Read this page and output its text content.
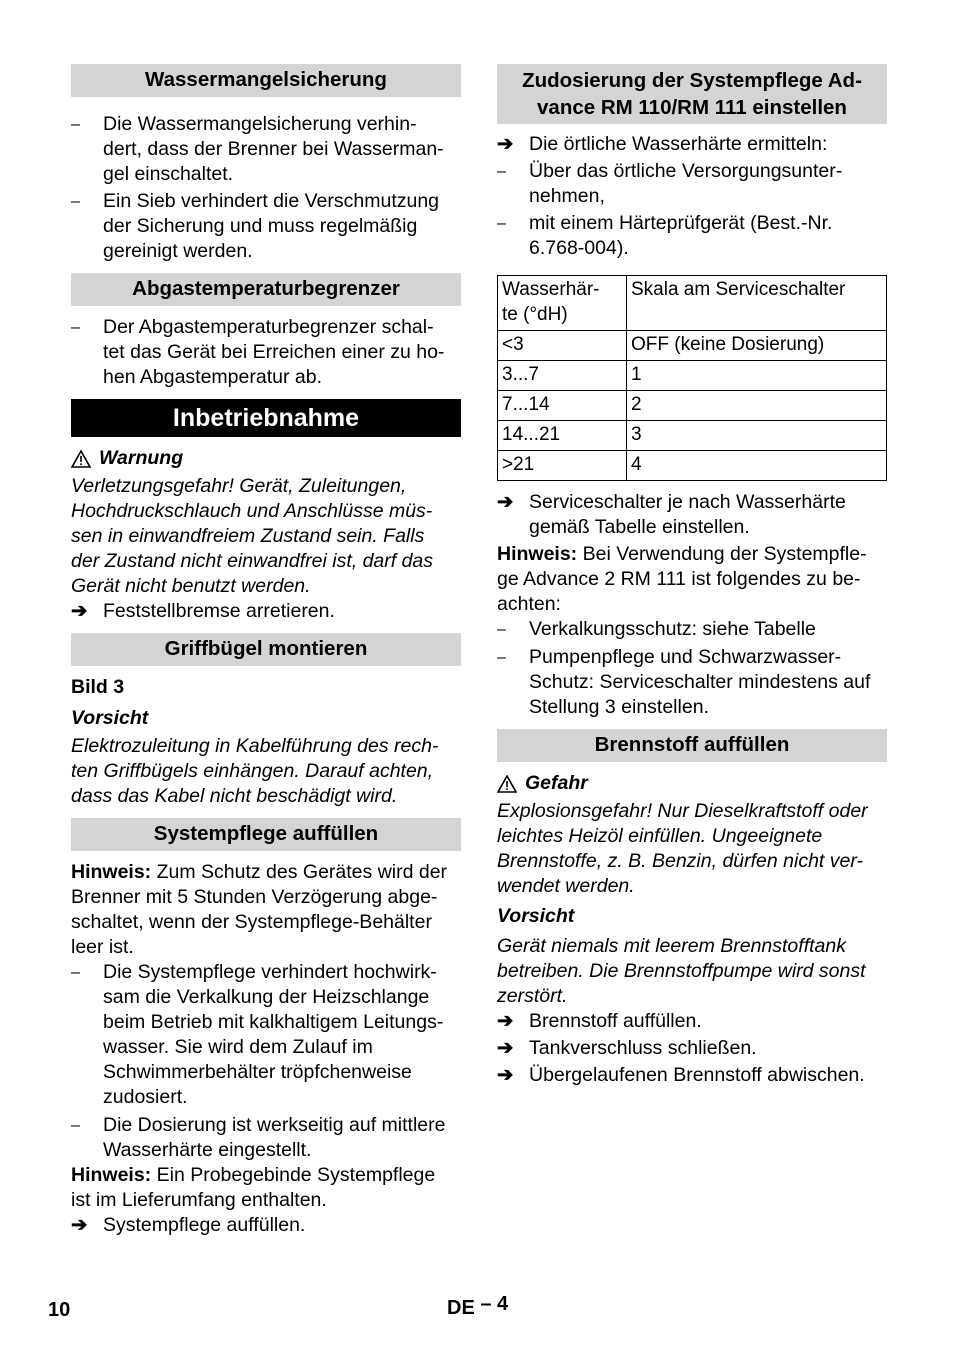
Wassermangelsicherung
– Die Wassermangelsicherung verhin-
dert, dass der Brenner bei Wasserman-
gel einschaltet.
– Ein Sieb verhindert die Verschmutzung
der Sicherung und muss regelmäßig
gereinigt werden.
Abgastemperaturbegrenzer
– Der Abgastemperaturbegrenzer schal-
tet das Gerät bei Erreichen einer zu ho-
hen Abgastemperatur ab.
Inbetriebnahme

Warnung

Verletzungsgefahr! Gerät, Zuleitungen,

Hochdruckschlauch und Anschlüsse müs-

sen in einwandfreiem Zustand sein. Falls

der Zustand nicht einwandfrei ist, darf das

Gerät nicht benutzt werden.

➔ Feststellbremse arretieren.
Griffbügel montieren

Bild 3

Vorsicht

Elektrozuleitung in Kabelführung des rech-

ten Griffbügels einhängen. Darauf achten,

dass das Kabel nicht beschädigt wird.

Systempflege auffüllen

Hinweis: Zum Schutz des Gerätes wird der

Brenner mit 5 Stunden Verzögerung abge-

schaltet, wenn der Systempflege-Behälter

leer ist.

– Die Systempflege verhindert hochwirk-
sam die Verkalkung der Heizschlange
beim Betrieb mit kalkhaltigem Leitungs-
wasser. Sie wird dem Zulauf im
Schwimmerbehälter tröpfchenweise
zudosiert.
– Die Dosierung ist werkseitig auf mittlere
Wasserhärte eingestellt.

Hinweis: Ein Probegebinde Systempflege

ist im Lieferumfang enthalten.

➔ Systempflege auffüllen.
Zudosierung der Systempflege Ad-
vance RM 110/RM 111 einstellen
➔ Die örtliche Wasserhärte ermitteln:
– Über das örtliche Versorgungsunter-
nehmen,
– mit einem Härteprüfgerät (Best.-Nr.
6.768-004).
Wasserhär-
te (°dH)	Skala am Serviceschalter
<3	OFF (keine Dosierung)
3...7	1
7...14	2
14...21	3
>21	4
➔ Serviceschalter je nach Wasserhärte
gemäß Tabelle einstellen.

Hinweis: Bei Verwendung der Systempfle-

ge Advance 2 RM 111 ist folgendes zu be-

achten:

– Verkalkungsschutz: siehe Tabelle
– Pumpenpflege und Schwarzwasser-
Schutz: Serviceschalter mindestens auf
Stellung 3 einstellen.
Brennstoff auffüllen

Gefahr

Explosionsgefahr! Nur Dieselkraftstoff oder

leichtes Heizöl einfüllen. Ungeeignete

Brennstoffe, z. B. Benzin, dürfen nicht ver-

wendet werden.

Vorsicht

Gerät niemals mit leerem Brennstofftank

betreiben. Die Brennstoffpumpe wird sonst

zerstört.

➔ Brennstoff auffüllen.
➔ Tankverschluss schließen.
➔ Übergelaufenen Brennstoff abwischen.
10	DE – 4
